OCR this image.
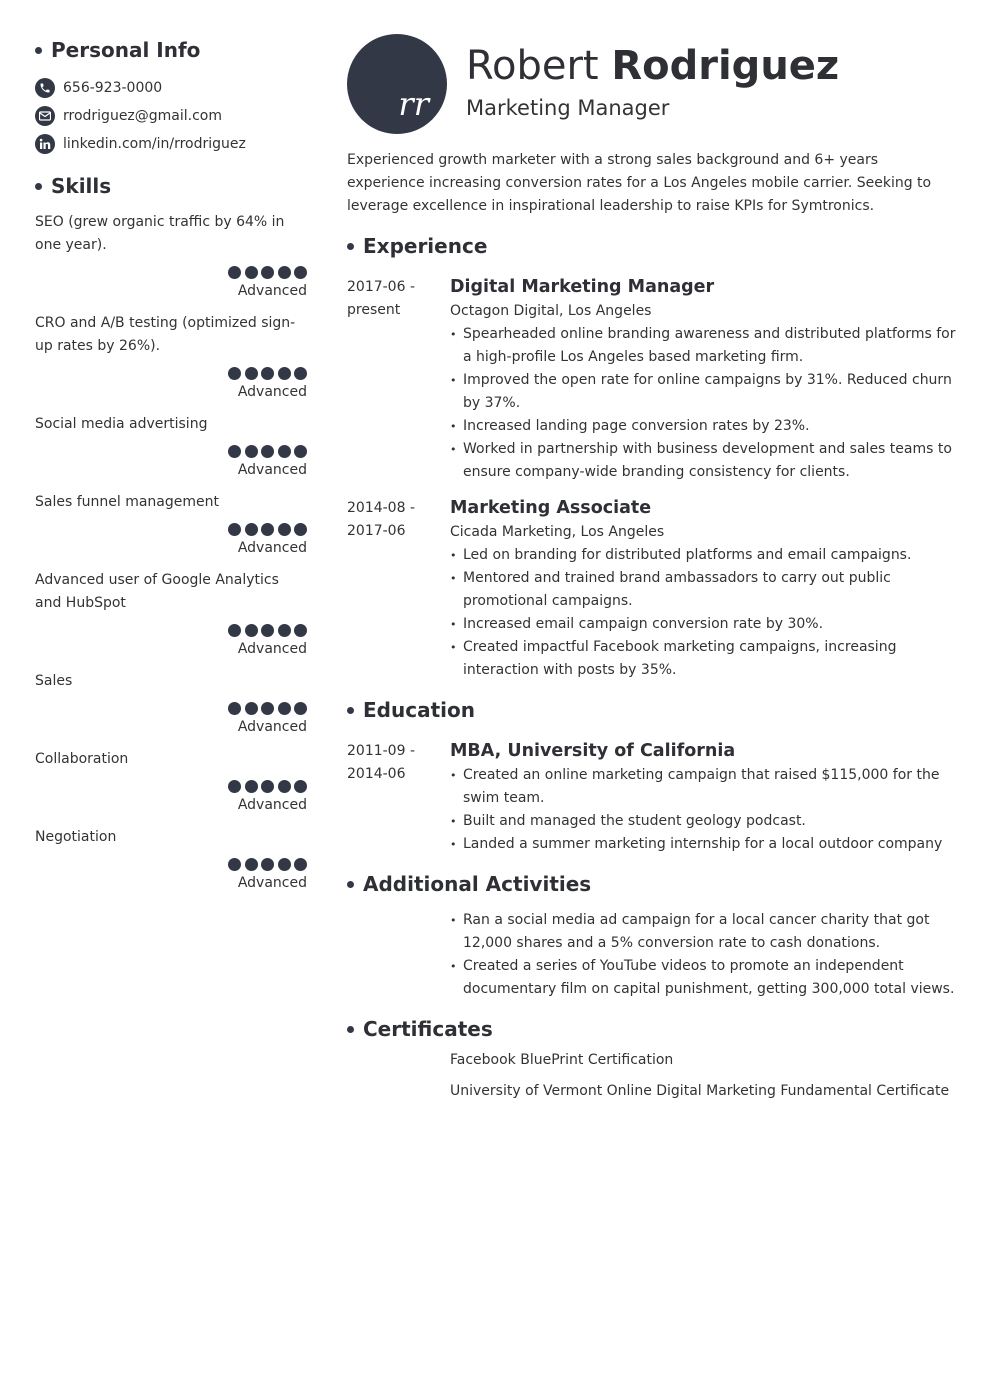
Personal Info
656-923-0000
rrodriguez@gmail.com
linkedin.com/in/rrodriguez
Skills
SEO (grew organic traffic by 64% in one year).
Advanced
CRO and A/B testing (optimized sign-up rates by 26%).
Advanced
Social media advertising
Advanced
Sales funnel management
Advanced
Advanced user of Google Analytics and HubSpot
Advanced
Sales
Advanced
Collaboration
Advanced
Negotiation
Advanced
rr
Robert Rodriguez
Marketing Manager
Experienced growth marketer with a strong sales background and 6+ years experience increasing conversion rates for a Los Angeles mobile carrier. Seeking to leverage excellence in inspirational leadership to raise KPIs for Symtronics.
Experience
2017-06 -
present
Digital Marketing Manager
Octagon Digital, Los Angeles
• Spearheaded online branding awareness and distributed platforms for a high-profile Los Angeles based marketing firm.
• Improved the open rate for online campaigns by 31%. Reduced churn by 37%.
• Increased landing page conversion rates by 23%.
• Worked in partnership with business development and sales teams to ensure company-wide branding consistency for clients.
2014-08 -
2017-06
Marketing Associate
Cicada Marketing, Los Angeles
• Led on branding for distributed platforms and email campaigns.
• Mentored and trained brand ambassadors to carry out public promotional campaigns.
• Increased email campaign conversion rate by 30%.
• Created impactful Facebook marketing campaigns, increasing interaction with posts by 35%.
Education
2011-09 -
2014-06
MBA, University of California
• Created an online marketing campaign that raised $115,000 for the swim team.
• Built and managed the student geology podcast.
• Landed a summer marketing internship for a local outdoor company
Additional Activities
• Ran a social media ad campaign for a local cancer charity that got 12,000 shares and a 5% conversion rate to cash donations.
• Created a series of YouTube videos to promote an independent documentary film on capital punishment, getting 300,000 total views.
Certificates
Facebook BluePrint Certification
University of Vermont Online Digital Marketing Fundamental Certificate
